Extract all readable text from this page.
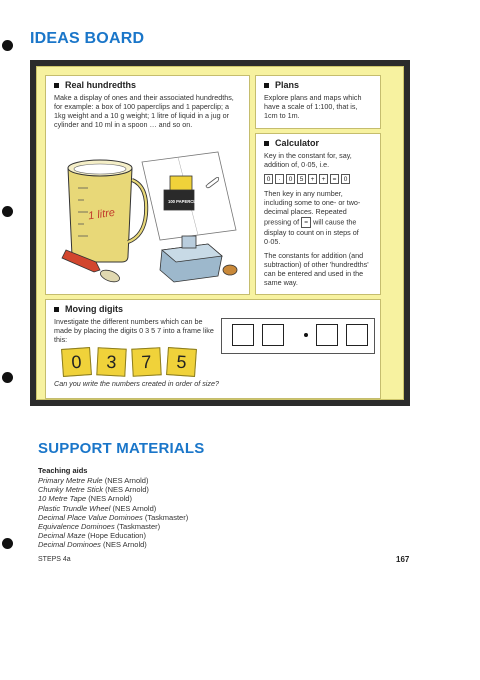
IDEAS BOARD
Real hundredths

Make a display of ones and their associated hundredths, for example: a box of 100 paperclips and 1 paperclip; a 1kg weight and a 10 g weight; 1 litre of liquid in a jug or cylinder and 10 ml in a spoon … and so on.

1 litre
100 PAPERCLIPS
Plans

Explore plans and maps which have a scale of 1:100, that is, 1cm to 1m.

Calculator

Key in the constant for, say, addition of, 0·05, i.e.

0	·	0	5	+	+	=	0

Then key in any number, including some to one- or two-decimal places. Repeated

pressing of = will cause the display to count on in steps of 0·05.

The constants for addition (and subtraction) of other 'hundredths' can be entered and used in the same way.

Moving digits

Investigate the different numbers which can be made by placing the digits 0 3 5 7 into a frame like this:

0	3	7	5
Can you write the numbers created in order of size?
SUPPORT MATERIALS

Teaching aids

Primary Metre Rule (NES Arnold)

Chunky Metre Stick (NES Arnold)

10 Metre Tape (NES Arnold)

Plastic Trundle Wheel (NES Arnold)

Decimal Place Value Dominoes (Taskmaster)

Equivalence Dominoes (Taskmaster)

Decimal Maze (Hope Education)

Decimal Dominoes (NES Arnold)

STEPS 4a	167
